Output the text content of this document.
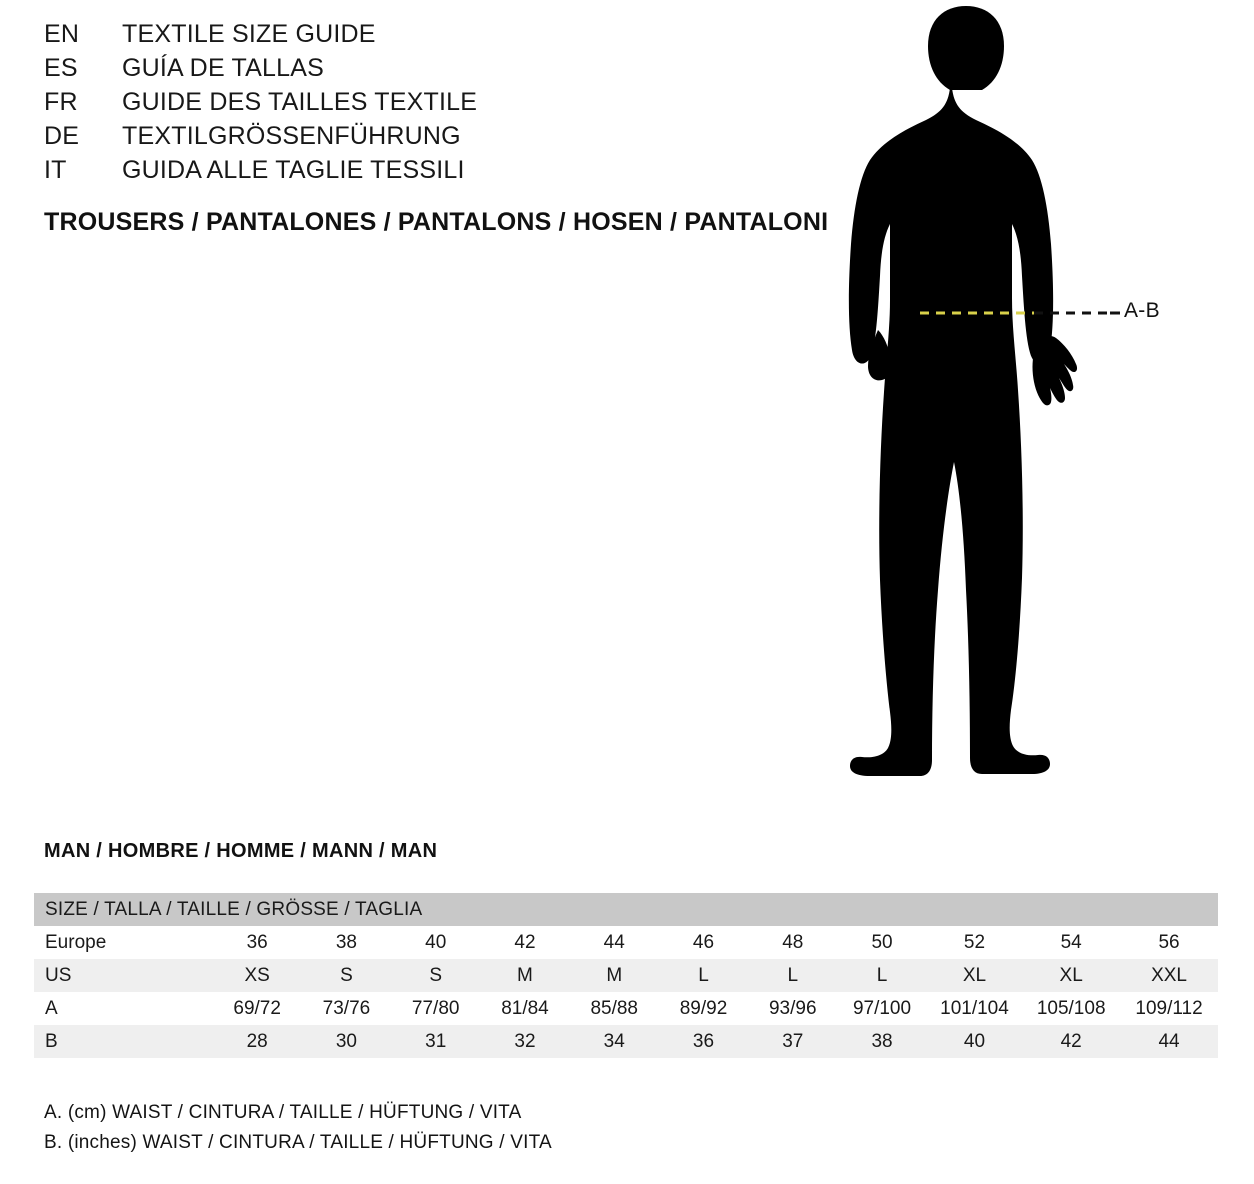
EN	TEXTILE SIZE GUIDE
ES	GUÍA DE TALLAS
FR	GUIDE DES TAILLES TEXTILE
DE	TEXTILGRÖSSENFÜHRUNG
IT	GUIDA ALLE TAGLIE TESSILI
TROUSERS / PANTALONES / PANTALONS / HOSEN / PANTALONI
A-B
MAN / HOMBRE / HOMME / MANN / MAN
SIZE / TALLA / TAILLE / GRÖSSE / TAGLIA											
Europe	36	38	40	42	44	46	48	50	52	54	56
US	XS	S	S	M	M	L	L	L	XL	XL	XXL
A	69/72	73/76	77/80	81/84	85/88	89/92	93/96	97/100	101/104	105/108	109/112
B	28	30	31	32	34	36	37	38	40	42	44
A. (cm) WAIST / CINTURA / TAILLE / HÜFTUNG / VITA
B. (inches) WAIST / CINTURA / TAILLE / HÜFTUNG / VITA
